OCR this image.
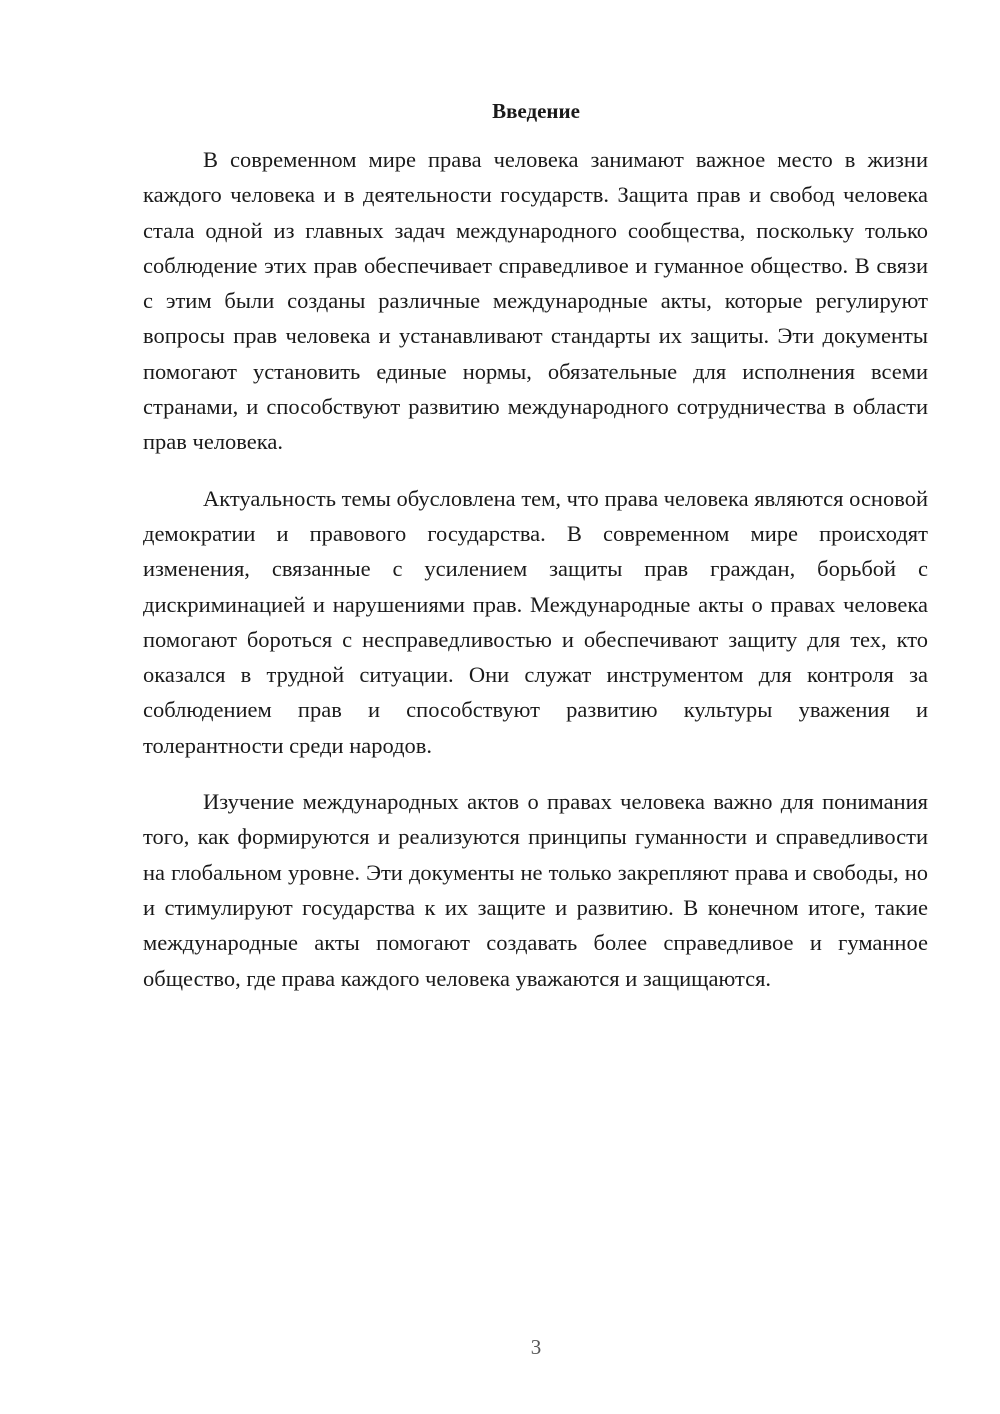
Введение

В современном мире права человека занимают важное место в жизни каждого человека и в деятельности государств. Защита прав и свобод человека стала одной из главных задач международного сообщества, поскольку только соблюдение этих прав обеспечивает справедливое и гуманное общество. В связи с этим были созданы различные международные акты, которые регулируют вопросы прав человека и устанавливают стандарты их защиты. Эти документы помогают установить единые нормы, обязательные для исполнения всеми странами, и способствуют развитию международного сотрудничества в области прав человека.

Актуальность темы обусловлена тем, что права человека являются основой демократии и правового государства. В современном мире происходят изменения, связанные с усилением защиты прав граждан, борьбой с дискриминацией и нарушениями прав. Международные акты о правах человека помогают бороться с несправедливостью и обеспечивают защиту для тех, кто оказался в трудной ситуации. Они служат инструментом для контроля за соблюдением прав и способствуют развитию культуры уважения и толерантности среди народов.

Изучение международных актов о правах человека важно для понимания того, как формируются и реализуются принципы гуманности и справедливости на глобальном уровне. Эти документы не только закрепляют права и свободы, но и стимулируют государства к их защите и развитию. В конечном итоге, такие международные акты помогают создавать более справедливое и гуманное общество, где права каждого человека уважаются и защищаются.

3
